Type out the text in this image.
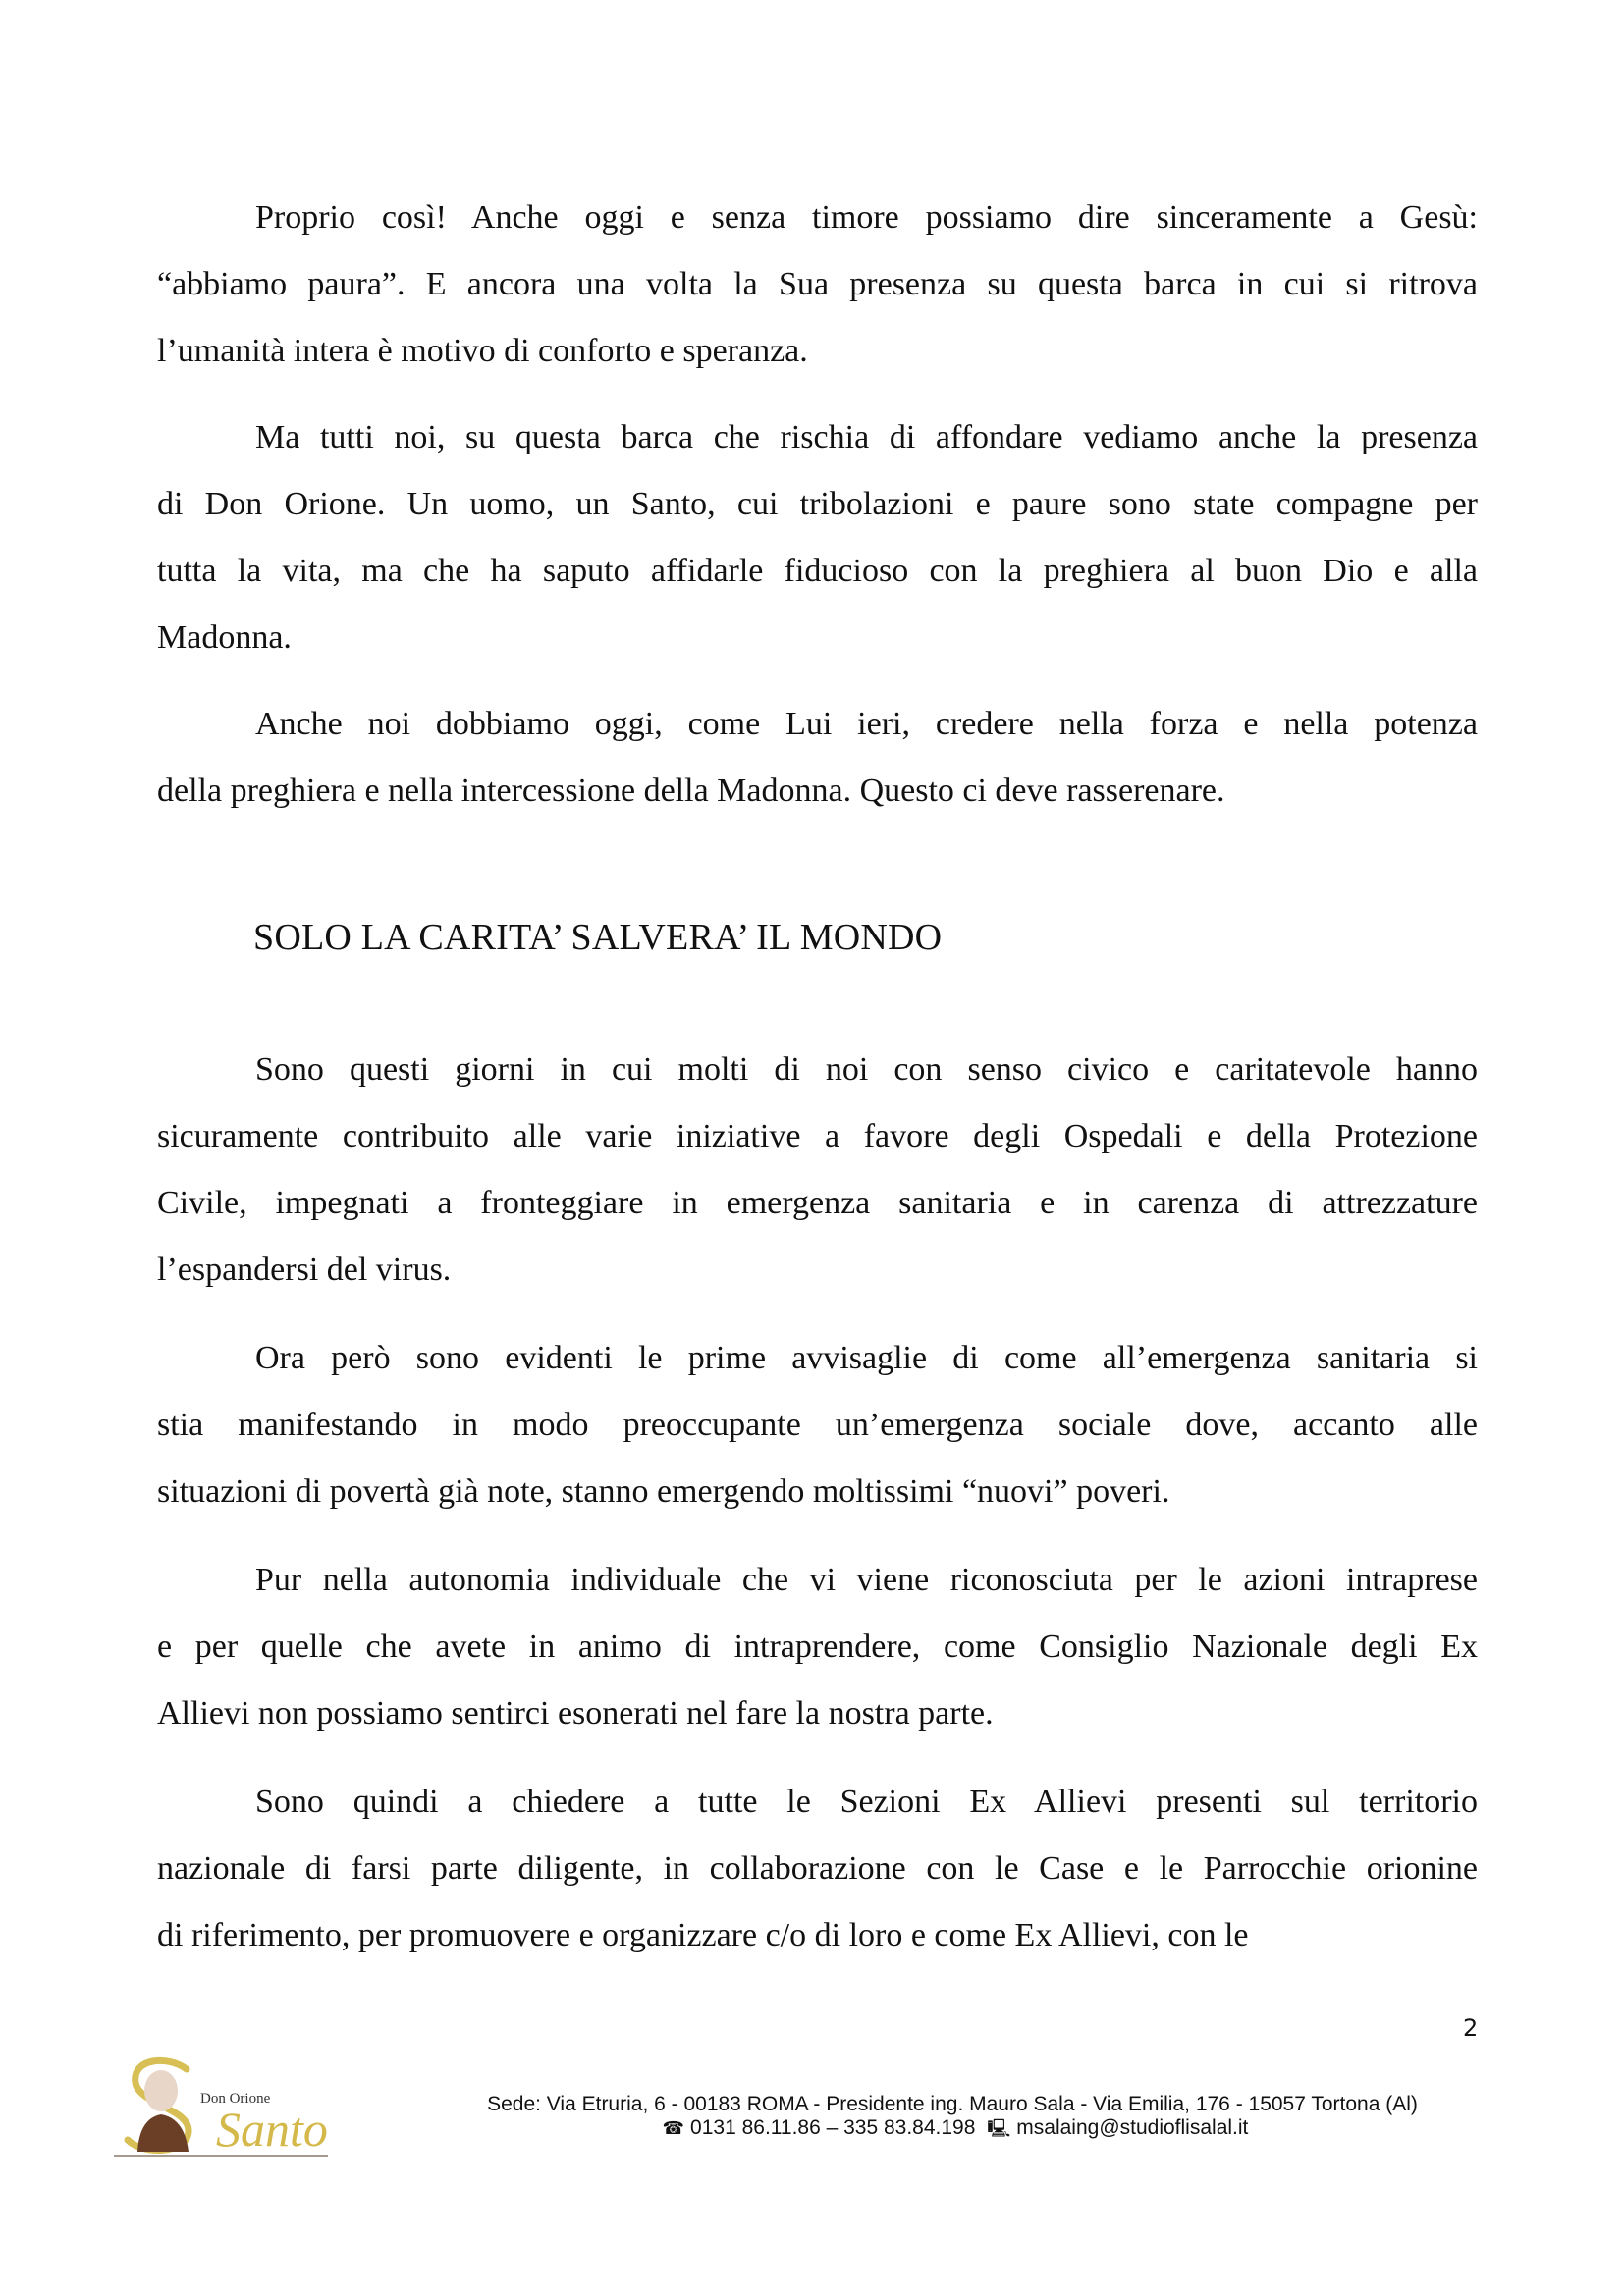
Proprio così! Anche oggi e senza timore possiamo dire sinceramente a Gesù:
“abbiamo paura”. E ancora una volta la Sua presenza su questa barca in cui si ritrova
l’umanità intera è motivo di conforto e speranza.
Ma tutti noi, su questa barca che rischia di affondare vediamo anche la presenza
di Don Orione. Un uomo, un Santo, cui tribolazioni e paure sono state compagne per
tutta la vita, ma che ha saputo affidarle fiducioso con la preghiera al buon Dio e alla
Madonna.
Anche noi dobbiamo oggi, come Lui ieri, credere nella forza e nella potenza
della preghiera e nella intercessione della Madonna. Questo ci deve rasserenare.
SOLO LA CARITA’ SALVERA’ IL MONDO
Sono questi giorni in cui molti di noi con senso civico e caritatevole hanno
sicuramente contribuito alle varie iniziative a favore degli Ospedali e della Protezione
Civile, impegnati a fronteggiare in emergenza sanitaria e in carenza di attrezzature
l’espandersi del virus.
Ora però sono evidenti le prime avvisaglie di come all’emergenza sanitaria si
stia manifestando in modo preoccupante un’emergenza sociale dove, accanto alle
situazioni di povertà già note, stanno emergendo moltissimi “nuovi” poveri.
Pur nella autonomia individuale che vi viene riconosciuta per le azioni intraprese
e per quelle che avete in animo di intraprendere, come Consiglio Nazionale degli Ex
Allievi non possiamo sentirci esonerati nel fare la nostra parte.
Sono quindi a chiedere a tutte le Sezioni Ex Allievi presenti sul territorio
nazionale di farsi parte diligente, in collaborazione con le Case e le Parrocchie orionine
di riferimento, per promuovere e organizzare c/o di loro e come Ex Allievi, con le
2
Don Orione
Santo	Sede: Via Etruria, 6 - 00183 ROMA - Presidente ing. Mauro Sala - Via Emilia, 176 - 15057 Tortona (Al)
☎ 0131 86.11.86 – 335 83.84.198 🖳 msalaing@studioflisalal.it
